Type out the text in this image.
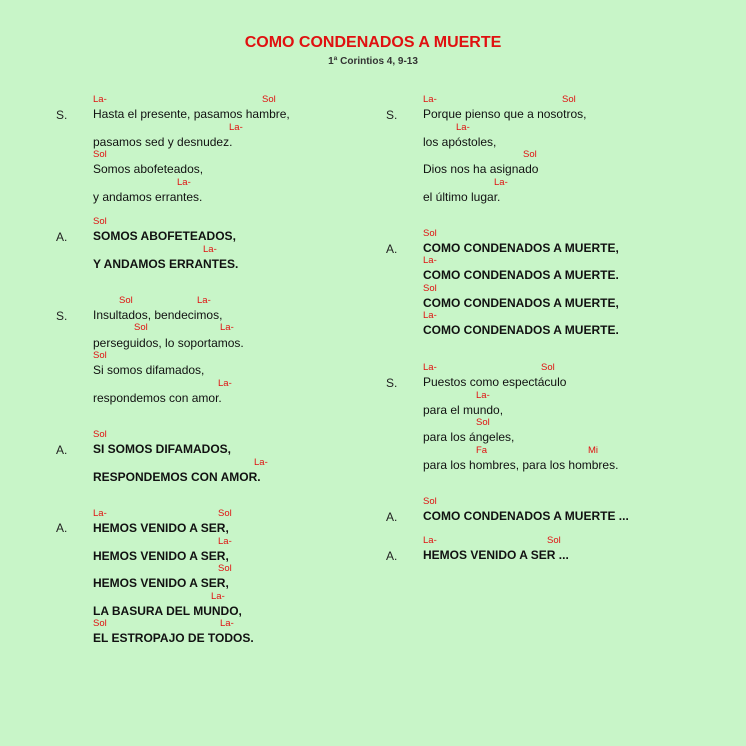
COMO CONDENADOS A MUERTE
1ª Corintios 4, 9-13
S.
La-	Sol
Hasta el presente, pasamos hambre,
La-
pasamos sed y desnudez.
Sol
Somos abofeteados,
La-
y andamos errantes.
A.
Sol
SOMOS ABOFETEADOS,
La-
Y ANDAMOS ERRANTES.
S.
Sol	La-
Insultados, bendecimos,
Sol	La-
perseguidos, lo soportamos.
Sol
Si somos difamados,
La-
respondemos con amor.
A.
Sol
SI SOMOS DIFAMADOS,
La-
RESPONDEMOS CON AMOR.
A.
La-	Sol
HEMOS VENIDO A SER,
La-
HEMOS VENIDO A SER,
Sol
HEMOS VENIDO A SER,
La-
LA BASURA DEL MUNDO,
Sol	La-
EL ESTROPAJO DE TODOS.
S.
La-	Sol
Porque pienso que a nosotros,
La-
los apóstoles,
Sol
Dios nos ha asignado
La-
el último lugar.
A.
Sol
COMO CONDENADOS A MUERTE,
La-
COMO CONDENADOS A MUERTE.
Sol
COMO CONDENADOS A MUERTE,
La-
COMO CONDENADOS A MUERTE.
S.
La-	Sol
Puestos como espectáculo
La-
para el mundo,
Sol
para los ángeles,
Fa	Mi
para los hombres, para los hombres.
A.
Sol
COMO CONDENADOS A MUERTE ...
A.
La-	Sol
HEMOS VENIDO A SER ...
